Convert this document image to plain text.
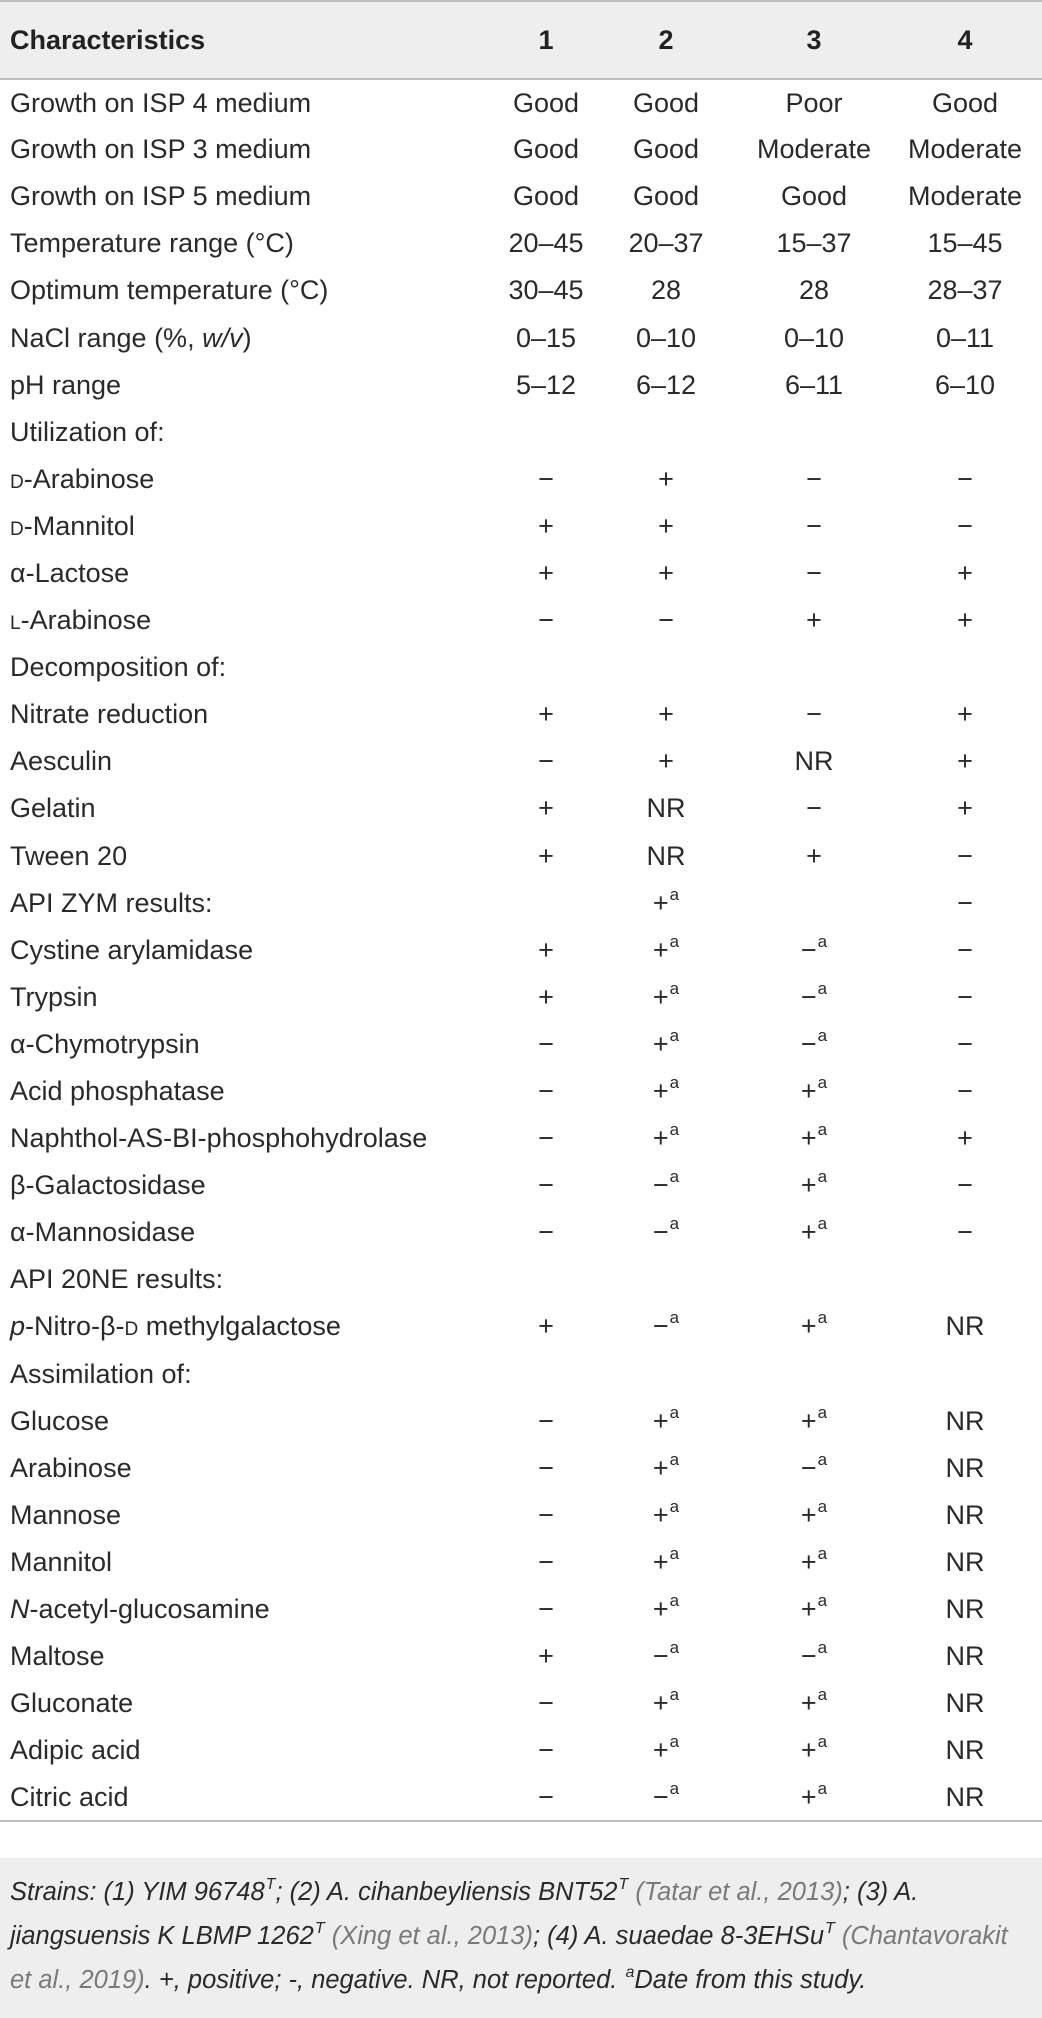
Characteristics	1	2	3	4
Growth on ISP 4 medium	Good	Good	Poor	Good
Growth on ISP 3 medium	Good	Good	Moderate	Moderate
Growth on ISP 5 medium	Good	Good	Good	Moderate
Temperature range (°C)	20–45	20–37	15–37	15–45
Optimum temperature (°C)	30–45	28	28	28–37
NaCl range (%, w/v)	0–15	0–10	0–10	0–11
pH range	5–12	6–12	6–11	6–10
Utilization of:				
d-Arabinose	−	+	−	−
d-Mannitol	+	+	−	−
α-Lactose	+	+	−	+
l-Arabinose	−	−	+	+
Decomposition of:				
Nitrate reduction	+	+	−	+
Aesculin	−	+	NR	+
Gelatin	+	NR	−	+
Tween 20	+	NR	+	−
API ZYM results:		+$^a$		−
Cystine arylamidase	+	+$^a$	−$^a$	−
Trypsin	+	+$^a$	−$^a$	−
α-Chymotrypsin	−	+$^a$	−$^a$	−
Acid phosphatase	−	+$^a$	+$^a$	−
Naphthol-AS-BI-phosphohydrolase	−	+$^a$	+$^a$	+
β-Galactosidase	−	−$^a$	+$^a$	−
α-Mannosidase	−	−$^a$	+$^a$	−
API 20NE results:				
p-Nitro-β-d methylgalactose	+	−$^a$	+$^a$	NR
Assimilation of:				
Glucose	−	+$^a$	+$^a$	NR
Arabinose	−	+$^a$	−$^a$	NR
Mannose	−	+$^a$	+$^a$	NR
Mannitol	−	+$^a$	+$^a$	NR
N-acetyl-glucosamine	−	+$^a$	+$^a$	NR
Maltose	+	−$^a$	−$^a$	NR
Gluconate	−	+$^a$	+$^a$	NR
Adipic acid	−	+$^a$	+$^a$	NR
Citric acid	−	−$^a$	+$^a$	NR
Strains: (1) YIM $96748^T$; (2) A. cihanbeyliensis $BNT52^T$ (Tatar et al., 2013); (3) A. jiangsuensis K LBMP $1262^T$ (Xing et al., 2013); (4) A. suaedae 8-3EHSu$^T$ (Chantavorakit et al., 2019). +, positive; -, negative. NR, not reported. $^a$Date from this study.
